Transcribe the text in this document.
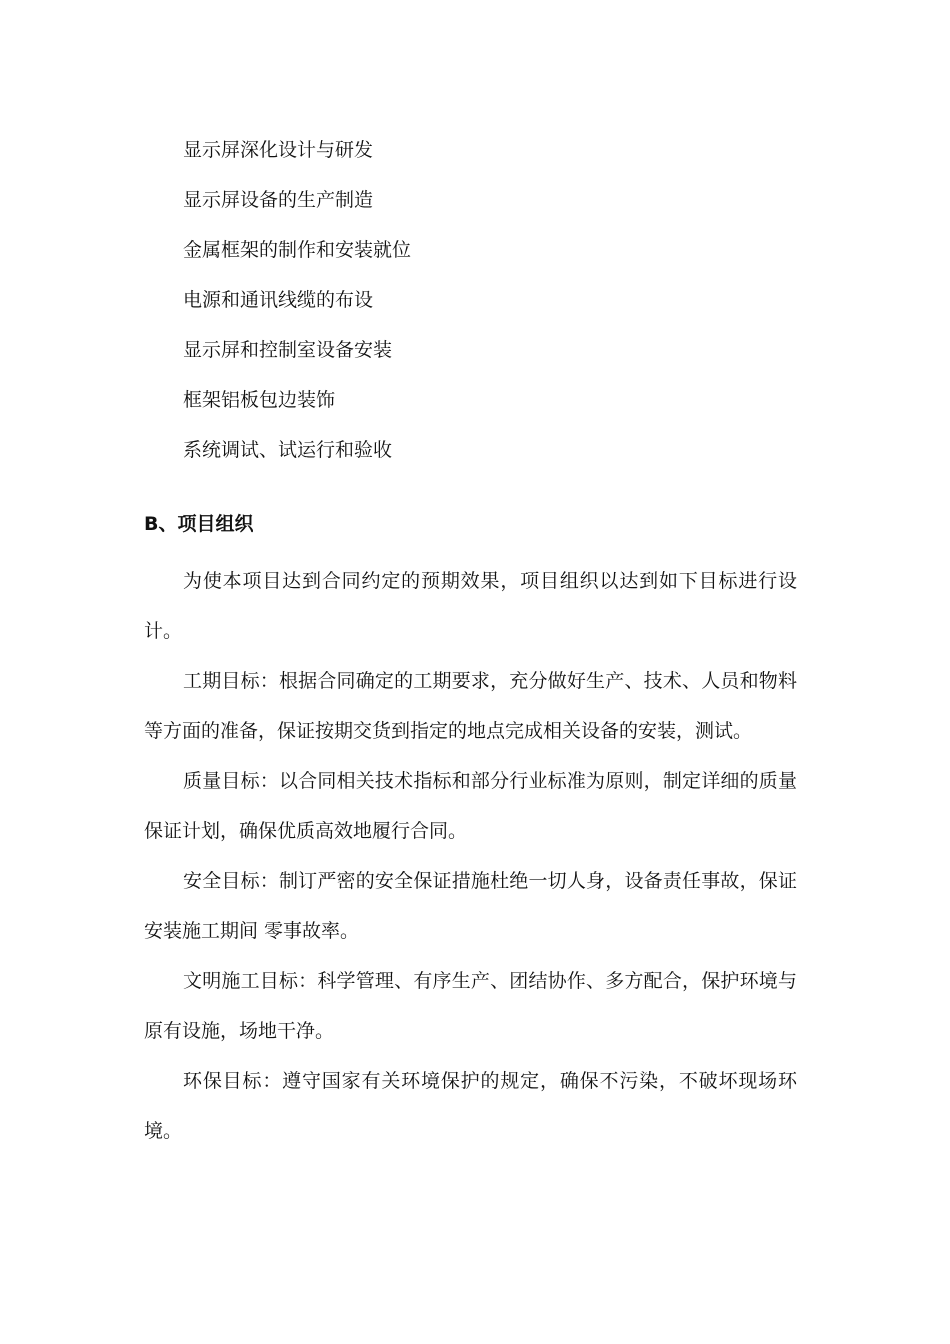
显示屏深化设计与研发
显示屏设备的生产制造
金属框架的制作和安装就位
电源和通讯线缆的布设
显示屏和控制室设备安装
框架铝板包边装饰
系统调试、试运行和验收
B、项目组织

为使本项目达到合同约定的预期效果，项目组织以达到如下目标进行设计。

工期目标：根据合同确定的工期要求，充分做好生产、技术、人员和物料等方面的准备，保证按期交货到指定的地点完成相关设备的安装，测试。

质量目标：以合同相关技术指标和部分行业标准为原则，制定详细的质量保证计划，确保优质高效地履行合同。

安全目标：制订严密的安全保证措施杜绝一切人身，设备责任事故，保证安装施工期间 零事故率。

文明施工目标：科学管理、有序生产、团结协作、多方配合，保护环境与原有设施，场地干净。

环保目标：遵守国家有关环境保护的规定，确保不污染，不破坏现场环境。
